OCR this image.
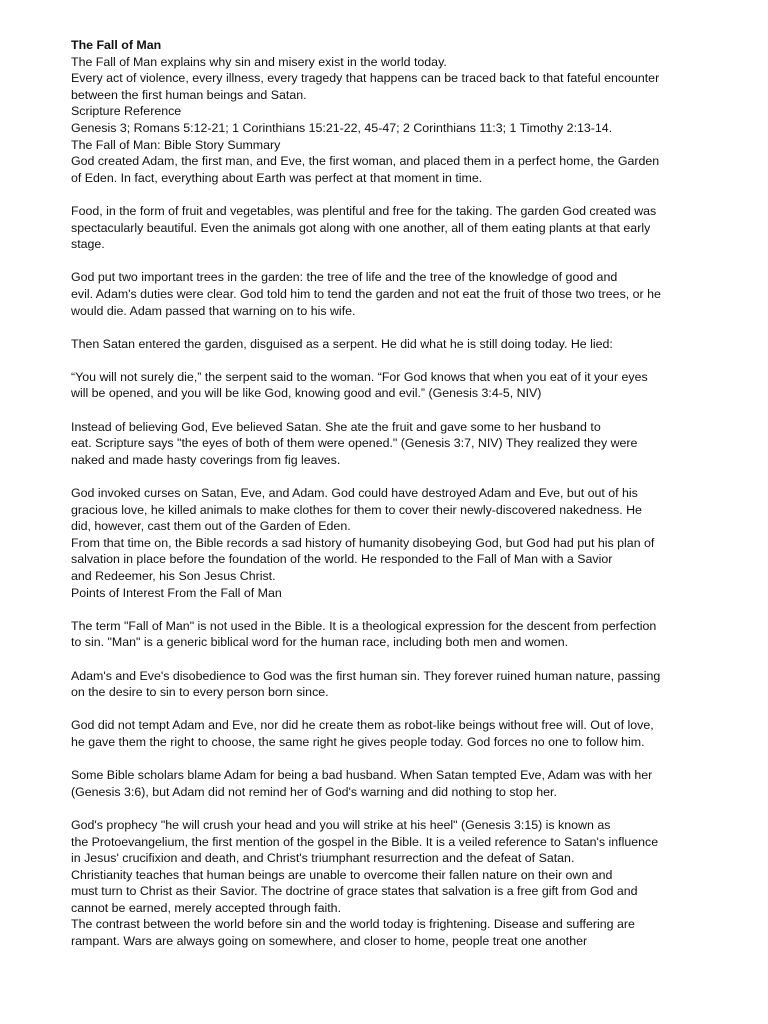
The Fall of Man
The Fall of Man explains why sin and misery exist in the world today.
Every act of violence, every illness, every tragedy that happens can be traced back to that fateful encounter
between the first human beings and Satan.
Scripture Reference
Genesis 3; Romans 5:12-21; 1 Corinthians 15:21-22, 45-47; 2 Corinthians 11:3; 1 Timothy 2:13-14.
The Fall of Man: Bible Story Summary
God created Adam, the first man, and Eve, the first woman, and placed them in a perfect home, the Garden
of Eden. In fact, everything about Earth was perfect at that moment in time.
Food, in the form of fruit and vegetables, was plentiful and free for the taking. The garden God created was
spectacularly beautiful. Even the animals got along with one another, all of them eating plants at that early
stage.
God put two important trees in the garden: the tree of life and the tree of the knowledge of good and
evil. Adam's duties were clear. God told him to tend the garden and not eat the fruit of those two trees, or he
would die. Adam passed that warning on to his wife.
Then Satan entered the garden, disguised as a serpent. He did what he is still doing today. He lied:
“You will not surely die,” the serpent said to the woman. “For God knows that when you eat of it your eyes
will be opened, and you will be like God, knowing good and evil.” (Genesis 3:4-5, NIV)
Instead of believing God, Eve believed Satan. She ate the fruit and gave some to her husband to
eat. Scripture says "the eyes of both of them were opened." (Genesis 3:7, NIV) They realized they were
naked and made hasty coverings from fig leaves.
God invoked curses on Satan, Eve, and Adam. God could have destroyed Adam and Eve, but out of his
gracious love, he killed animals to make clothes for them to cover their newly-discovered nakedness. He
did, however, cast them out of the Garden of Eden.
From that time on, the Bible records a sad history of humanity disobeying God, but God had put his plan of
salvation in place before the foundation of the world. He responded to the Fall of Man with a Savior
and Redeemer, his Son Jesus Christ.
Points of Interest From the Fall of Man
The term "Fall of Man" is not used in the Bible. It is a theological expression for the descent from perfection
to sin. "Man" is a generic biblical word for the human race, including both men and women.
Adam's and Eve's disobedience to God was the first human sin. They forever ruined human nature, passing
on the desire to sin to every person born since.
God did not tempt Adam and Eve, nor did he create them as robot-like beings without free will. Out of love,
he gave them the right to choose, the same right he gives people today. God forces no one to follow him.
Some Bible scholars blame Adam for being a bad husband. When Satan tempted Eve, Adam was with her
(Genesis 3:6), but Adam did not remind her of God's warning and did nothing to stop her.
God's prophecy "he will crush your head and you will strike at his heel" (Genesis 3:15) is known as
the Protoevangelium, the first mention of the gospel in the Bible. It is a veiled reference to Satan's influence
in Jesus' crucifixion and death, and Christ's triumphant resurrection and the defeat of Satan.
Christianity teaches that human beings are unable to overcome their fallen nature on their own and
must turn to Christ as their Savior. The doctrine of grace states that salvation is a free gift from God and
cannot be earned, merely accepted through faith.
The contrast between the world before sin and the world today is frightening. Disease and suffering are
rampant. Wars are always going on somewhere, and closer to home, people treat one another
